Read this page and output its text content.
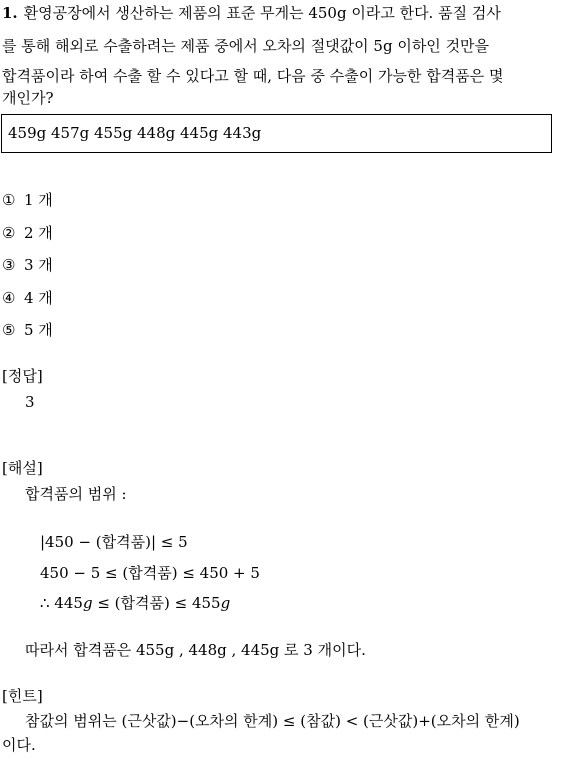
1. 환영공장에서 생산하는 제품의 표준 무게는 450g 이라고 한다. 품질 검사
를 통해 해외로 수출하려는 제품 중에서 오차의 절댓값이 5g 이하인 것만을
합격품이라 하여 수출 할 수 있다고 할 때, 다음 중 수출이 가능한 합격품은 몇
개인가?
459g 457g 455g 448g 445g 443g
① 1 개
② 2 개
③ 3 개
④ 4 개
⑤ 5 개
[정답]
3
[해설]
합격품의 범위 :
|450 − (합격품)| ≤ 5
450 − 5 ≤ (합격품) ≤ 450 + 5
∴ 445g ≤ (합격품) ≤ 455g
따라서 합격품은 455g , 448g , 445g 로 3 개이다.
[힌트]
참값의 범위는 (근삿값)−(오차의 한계) ≤ (참값) < (근삿값)+(오차의 한계)
이다.
